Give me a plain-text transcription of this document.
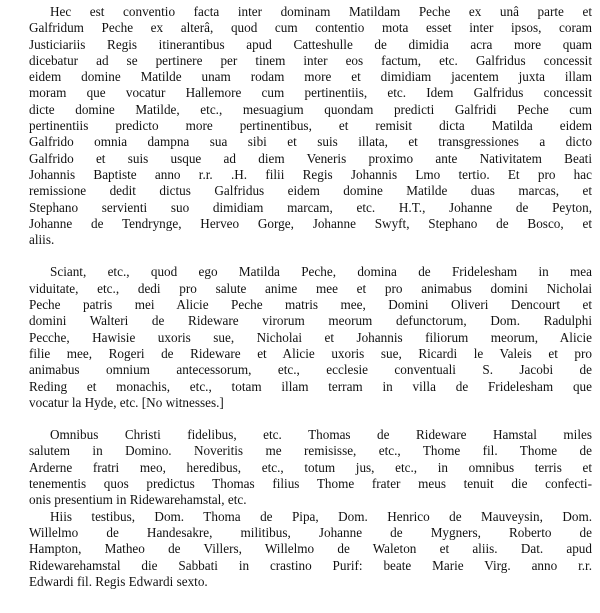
Hec est conventio facta inter dominam Matildam Peche ex unâ parte et
Galfridum Peche ex alterâ, quod cum contentio mota esset inter ipsos, coram
Justiciariis Regis itinerantibus apud Catteshulle de dimidia acra more quam
dicebatur ad se pertinere per tinem inter eos factum, etc. Galfridus concessit
eidem domine Matilde unam rodam more et dimidiam jacentem juxta illam
moram que vocatur Hallemore cum pertinentiis, etc. Idem Galfridus concessit
dicte domine Matilde, etc., mesuagium quondam predicti Galfridi Peche cum
pertinentiis predicto more pertinentibus, et remisit dicta Matilda eidem
Galfrido omnia dampna sua sibi et suis illata, et transgressiones a dicto
Galfrido et suis usque ad diem Veneris proximo ante Nativitatem Beati
Johannis Baptiste anno r.r. .H. filii Regis Johannis Lmo tertio. Et pro hac
remissione dedit dictus Galfridus eidem domine Matilde duas marcas, et
Stephano servienti suo dimidiam marcam, etc. H.T., Johanne de Peyton,
Johanne de Tendrynge, Herveo Gorge, Johanne Swyft, Stephano de Bosco, et
aliis.
Sciant, etc., quod ego Matilda Peche, domina de Fridelesham in mea
viduitate, etc., dedi pro salute anime mee et pro animabus domini Nicholai
Peche patris mei Alicie Peche matris mee, Domini Oliveri Dencourt et
domini Walteri de Rideware virorum meorum defunctorum, Dom. Radulphi
Pecche, Hawisie uxoris sue, Nicholai et Johannis filiorum meorum, Alicie
filie mee, Rogeri de Rideware et Alicie uxoris sue, Ricardi le Valeis et pro
animabus omnium antecessorum, etc., ecclesie conventuali S. Jacobi de
Reding et monachis, etc., totam illam terram in villa de Fridelesham que
vocatur la Hyde, etc. [No witnesses.]
Omnibus Christi fidelibus, etc. Thomas de Rideware Hamstal miles
salutem in Domino. Noveritis me remisisse, etc., Thome fil. Thome de
Arderne fratri meo, heredibus, etc., totum jus, etc., in omnibus terris et
tenementis quos predictus Thomas filius Thome frater meus tenuit die confecti-
onis presentium in Ridewarehamstal, etc.
Hiis testibus, Dom. Thoma de Pipa, Dom. Henrico de Mauveysin, Dom.
Willelmo de Handesakre, militibus, Johanne de Mygners, Roberto de
Hampton, Matheo de Villers, Willelmo de Waleton et aliis. Dat. apud
Ridewarehamstal die Sabbati in crastino Purif: beate Marie Virg. anno r.r.
Edwardi fil. Regis Edwardi sexto.
